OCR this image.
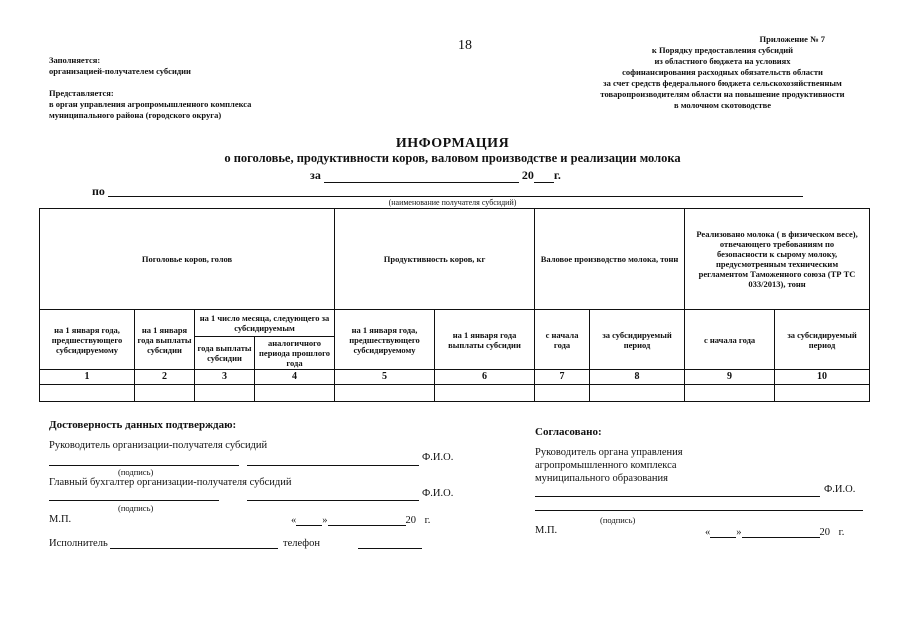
18	Приложение № 7
к Порядку предоставления субсидий
из областного бюджета на условиях
софинансирования расходных обязательств области
за счет средств федерального бюджета сельскохозяйственным
товаропроизводителям области на повышение продуктивности
в молочном скотоводстве
Заполняется:
организацией-получателем субсидии
Представляется:
в орган управления агропромышленного комплекса
муниципального района (городского округа)
ИНФОРМАЦИЯ
о поголовье, продуктивности коров, валовом производстве и реализации молока
за	20 г.
по
(наименование получателя субсидий)
Поголовье коров, голов				Продуктивность коров, кг		Валовое производство молока, тонн		Реализовано молока ( в физическом весе), отвечающего требованиям по безопасности к сырому молоку, предусмотренным техническим регламентом Таможенного союза (ТР ТС 033/2013), тонн	
на 1 января года, предшествующего субсидируемому	на 1 января года выплаты субсидии	на 1 число месяца, следующего за субсидируемым		на 1 января года, предшествующего субсидируемому	на 1 января года выплаты субсидии	с начала года	за субсидируемый период	с начала года	за субсидируемый период
		года выплаты субсидии	аналогичного периода прошлого года						
1	2	3	4	5	6	7	8	9	10

Достоверность данных подтверждаю:
Руководитель организации-получателя субсидий
Ф.И.О.
(подпись)
Главный бухгалтер организации-получателя субсидий
Ф.И.О.
(подпись)
М.П.	« »	20 г.
Исполнитель	телефон
Согласовано:
Руководитель органа управления
агропромышленного комплекса
муниципального образования
Ф.И.О.
(подпись)
М.П.	« »	20 г.
